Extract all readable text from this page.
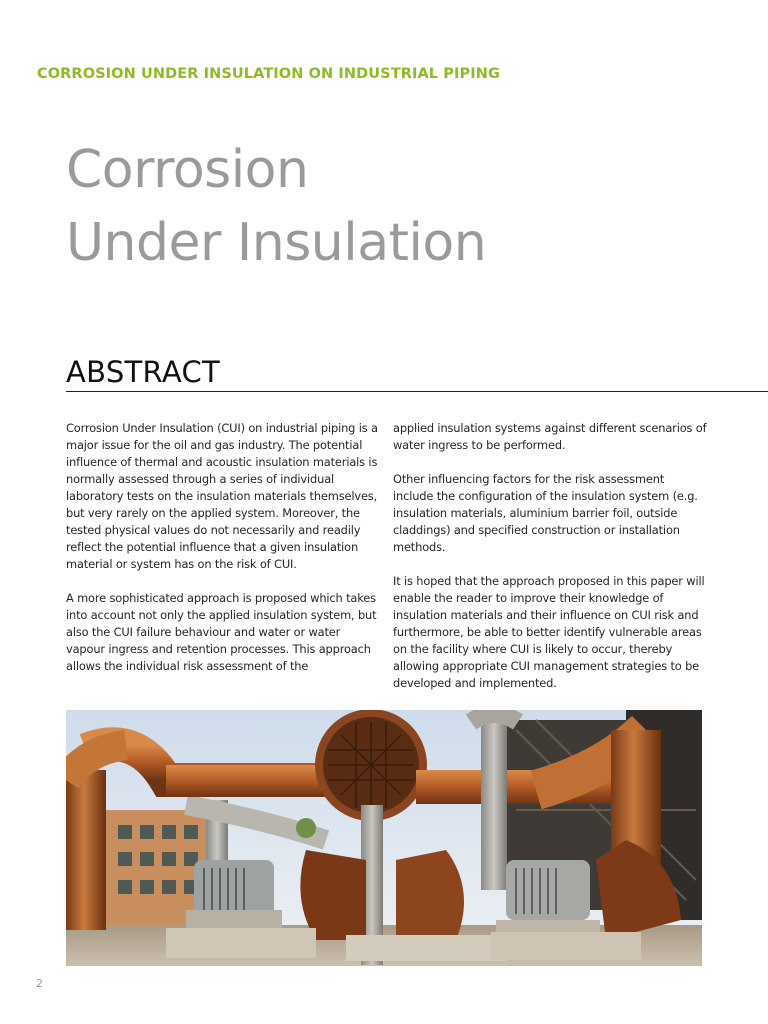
CORROSION UNDER INSULATION ON INDUSTRIAL PIPING
Corrosion
Under Insulation
ABSTRACT

Corrosion Under Insulation (CUI) on industrial piping is a major issue for the oil and gas industry. The potential influence of thermal and acoustic insulation materials is normally assessed through a series of individual laboratory tests on the insulation materials themselves, but very rarely on the applied system. Moreover, the tested physical values do not necessarily and readily reflect the potential influence that a given insulation material or system has on the risk of CUI.

A more sophisticated approach is proposed which takes into account not only the applied insulation system, but also the CUI failure behaviour and water or water vapour ingress and retention processes. This approach allows the individual risk assessment of the

applied insulation systems against different scenarios of water ingress to be performed.

Other influencing factors for the risk assessment include the configuration of the insulation system (e.g. insulation materials, aluminium barrier foil, outside claddings) and specified construction or installation methods.

It is hoped that the approach proposed in this paper will enable the reader to improve their knowledge of insulation materials and their influence on CUI risk and furthermore, be able to better identify vulnerable areas on the facility where CUI is likely to occur, thereby allowing appropriate CUI management strategies to be developed and implemented.

2
